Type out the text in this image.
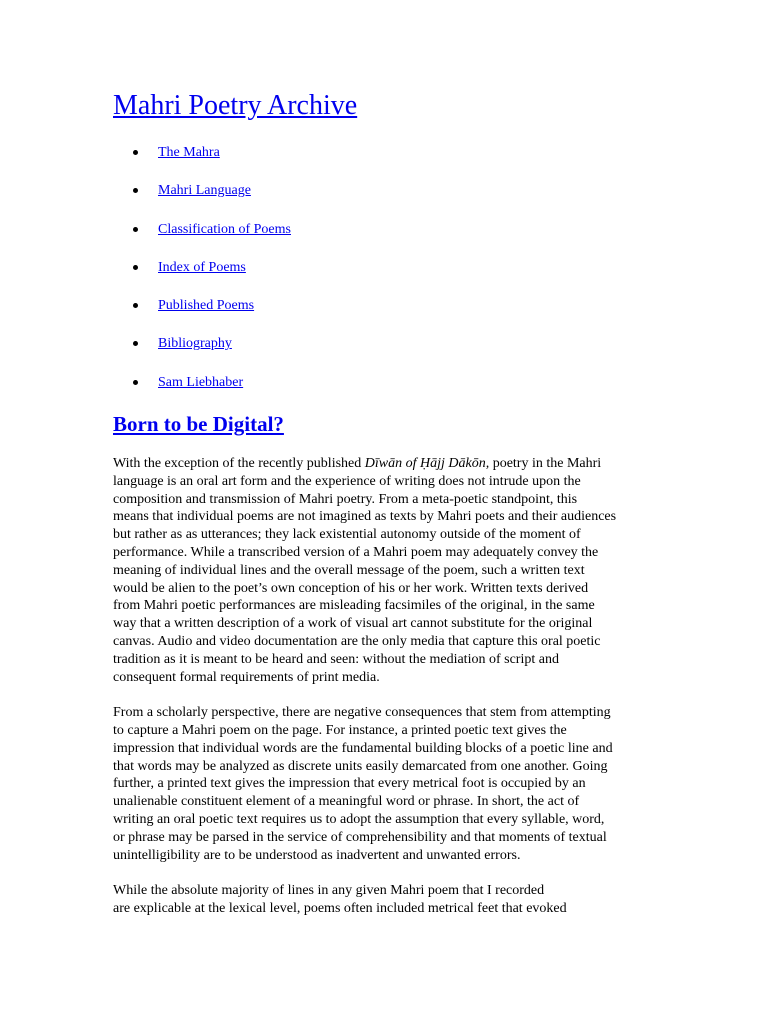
Mahri Poetry Archive
The Mahra
Mahri Language
Classification of Poems
Index of Poems
Published Poems
Bibliography
Sam Liebhaber
Born to be Digital?

With the exception of the recently published Dīwān of Ḥājj Dākōn, poetry in the Mahri
language is an oral art form and the experience of writing does not intrude upon the
composition and transmission of Mahri poetry. From a meta-poetic standpoint, this
means that individual poems are not imagined as texts by Mahri poets and their audiences
but rather as as utterances; they lack existential autonomy outside of the moment of
performance. While a transcribed version of a Mahri poem may adequately convey the
meaning of individual lines and the overall message of the poem, such a written text
would be alien to the poet’s own conception of his or her work. Written texts derived
from Mahri poetic performances are misleading facsimiles of the original, in the same
way that a written description of a work of visual art cannot substitute for the original
canvas. Audio and video documentation are the only media that capture this oral poetic
tradition as it is meant to be heard and seen: without the mediation of script and
consequent formal requirements of print media.

From a scholarly perspective, there are negative consequences that stem from attempting
to capture a Mahri poem on the page. For instance, a printed poetic text gives the
impression that individual words are the fundamental building blocks of a poetic line and
that words may be analyzed as discrete units easily demarcated from one another. Going
further, a printed text gives the impression that every metrical foot is occupied by an
unalienable constituent element of a meaningful word or phrase. In short, the act of
writing an oral poetic text requires us to adopt the assumption that every syllable, word,
or phrase may be parsed in the service of comprehensibility and that moments of textual
unintelligibility are to be understood as inadvertent and unwanted errors.

While the absolute majority of lines in any given Mahri poem that I recorded
are explicable at the lexical level, poems often included metrical feet that evoked
